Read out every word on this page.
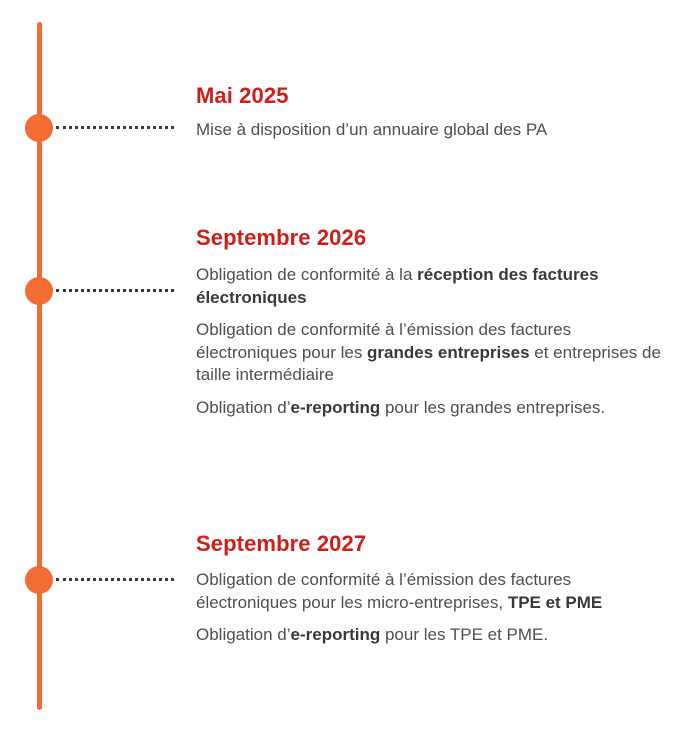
Mai 2025

Mise à disposition d’un annuaire global des PA

Septembre 2026

Obligation de conformité à la réception des factures électroniques

Obligation de conformité à l’émission des factures électroniques pour les grandes entreprises et entreprises de taille intermédiaire

Obligation d’e-reporting pour les grandes entreprises.

Septembre 2027

Obligation de conformité à l’émission des factures électroniques pour les micro-entreprises, TPE et PME

Obligation d’e-reporting pour les TPE et PME.
